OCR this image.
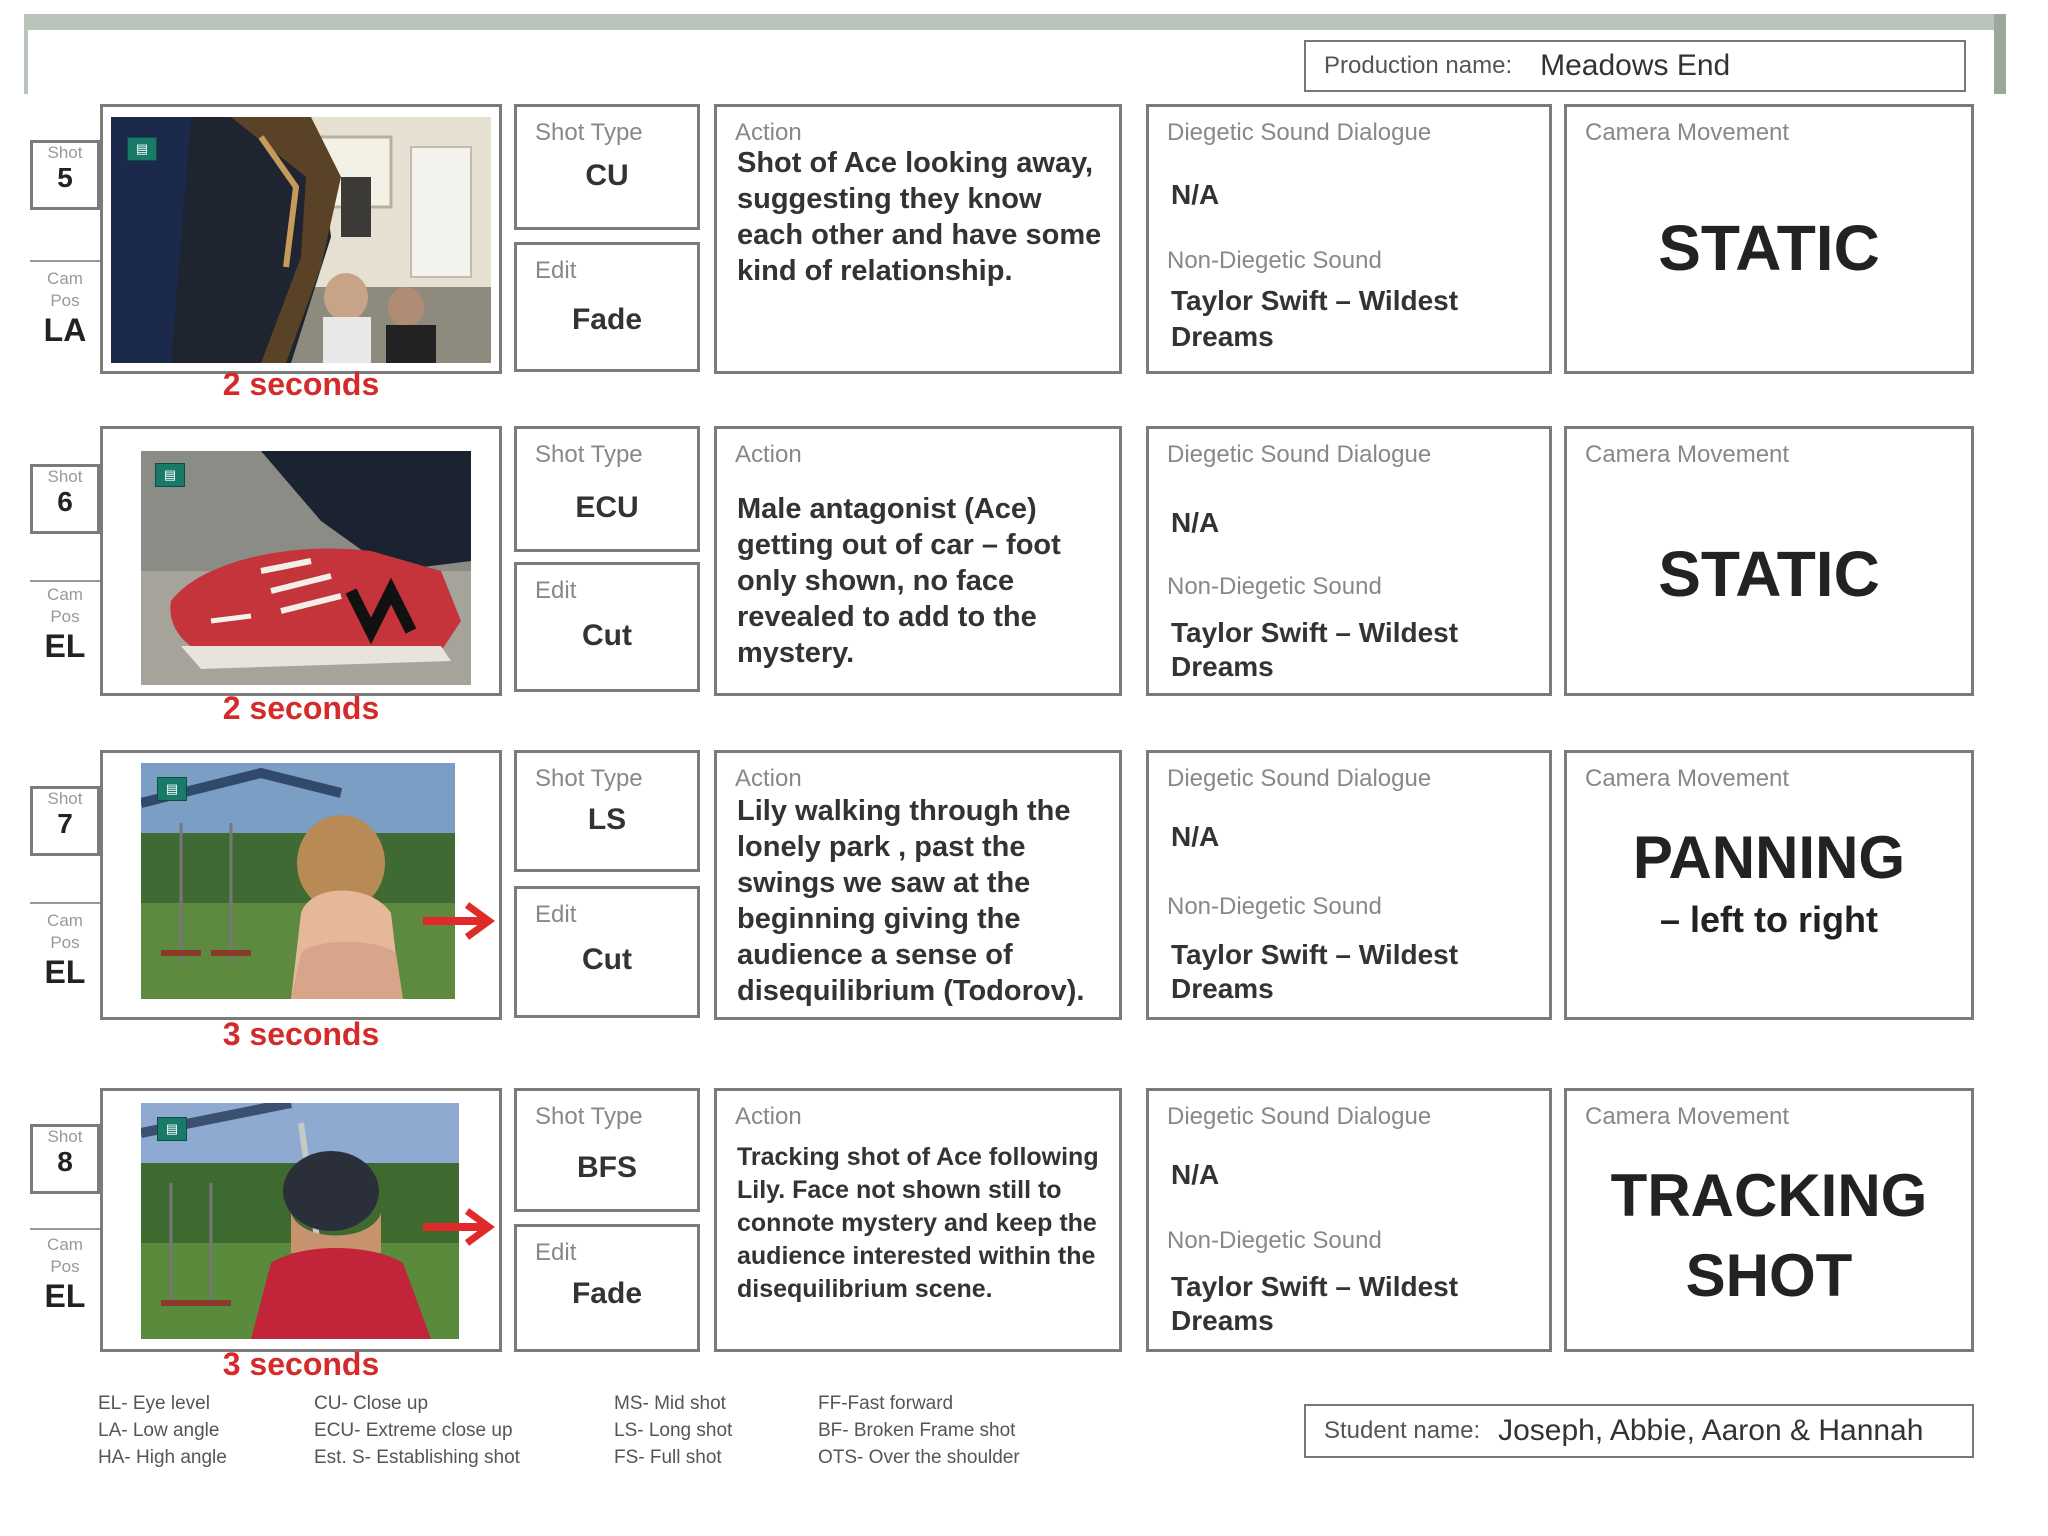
Production name: Meadows End
Shot
5
Cam
Pos
LA
▤
2 seconds
Shot Type
CU
Edit
Fade
Action
Shot of Ace looking away, suggesting they know each other and have some kind of relationship.
Diegetic Sound Dialogue
N/A
Non-Diegetic Sound
Taylor Swift – Wildest
Dreams
Camera Movement
STATIC
Shot
6
Cam
Pos
EL
▤
2 seconds
Shot Type
ECU
Edit
Cut
Action
Male antagonist (Ace) getting out of car – foot only shown, no face revealed to add to the mystery.
Diegetic Sound Dialogue
N/A
Non-Diegetic Sound
Taylor Swift – Wildest
Dreams
Camera Movement
STATIC
Shot
7
Cam
Pos
EL
▤
3 seconds
Shot Type
LS
Edit
Cut
Action
Lily walking through the lonely park , past the swings we saw at the beginning giving the audience a sense of disequilibrium (Todorov).
Diegetic Sound Dialogue
N/A
Non-Diegetic Sound
Taylor Swift – Wildest
Dreams
Camera Movement
PANNING
– left to right
Shot
8
Cam
Pos
EL
▤
3 seconds
Shot Type
BFS
Edit
Fade
Action
Tracking shot of Ace following Lily. Face not shown still to connote mystery and keep the audience interested within the disequilibrium scene.
Diegetic Sound Dialogue
N/A
Non-Diegetic Sound
Taylor Swift – Wildest
Dreams
Camera Movement
TRACKING
SHOT
EL- Eye level
LA- Low angle
HA- High angle
CU- Close up
ECU- Extreme close up
Est. S- Establishing shot
MS- Mid shot
LS- Long shot
FS- Full shot
FF-Fast forward
BF- Broken Frame shot
OTS- Over the shoulder
Student name: Joseph, Abbie, Aaron & Hannah
